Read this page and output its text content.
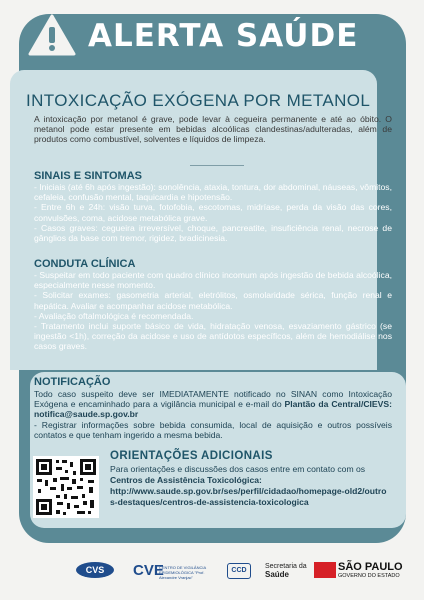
ALERTA SAÚDE
INTOXICAÇÃO EXÓGENA POR METANOL
A intoxicação por metanol é grave, pode levar à cegueira permanente e até ao óbito. O metanol pode estar presente em bebidas alcoólicas clandestinas/adulteradas, além de produtos como combustível, solventes e líquidos de limpeza.
SINAIS E SINTOMAS
- Iniciais (até 6h após ingestão): sonolência, ataxia, tontura, dor abdominal, náuseas, vômitos, cefaleia, confusão mental, taquicardia e hipotensão.
- Entre 6h e 24h: visão turva, fotofobia, escotomas, midríase, perda da visão das cores, convulsões, coma, acidose metabólica grave.
- Casos graves: cegueira irreversível, choque, pancreatite, insuficiência renal, necrose de gânglios da base com tremor, rigidez, bradicinesia.
CONDUTA CLÍNICA
- Suspeitar em todo paciente com quadro clínico incomum após ingestão de bebida alcoólica, especialmente nesse momento.
- Solicitar exames: gasometria arterial, eletrólitos, osmolaridade sérica, função renal e hepática. Avaliar e acompanhar acidose metabólica.
- Avaliação oftalmológica é recomendada.
- Tratamento inclui suporte básico de vida, hidratação venosa, esvaziamento gástrico (se ingestão <1h), correção da acidose e uso de antídotos específicos, além de hemodiálise nos casos graves.
NOTIFICAÇÃO
Todo caso suspeito deve ser IMEDIATAMENTE notificado no SINAN como Intoxicação Exógena e encaminhado para a vigilância municipal e e-mail do Plantão da Central/CIEVS: notifica@saude.sp.gov.br
- Registrar informações sobre bebida consumida, local de aquisição e outros possíveis contatos e que tenham ingerido a mesma bebida.
ORIENTAÇÕES ADICIONAIS
Para orientações e discussões dos casos entre em contato com os Centros de Assistência Toxicológica:
http://www.saude.sp.gov.br/ses/perfil/cidadao/homepage-old2/outros-destaques/centros-de-assistencia-toxicologica
CVS	CVE
CENTRO DE VIGILÂNCIA EPIDEMIOLÓGICA "Prof. Alexandre Vranjac"
CCD
Secretaria da
Saúde
SÃO PAULO
GOVERNO DO ESTADO
